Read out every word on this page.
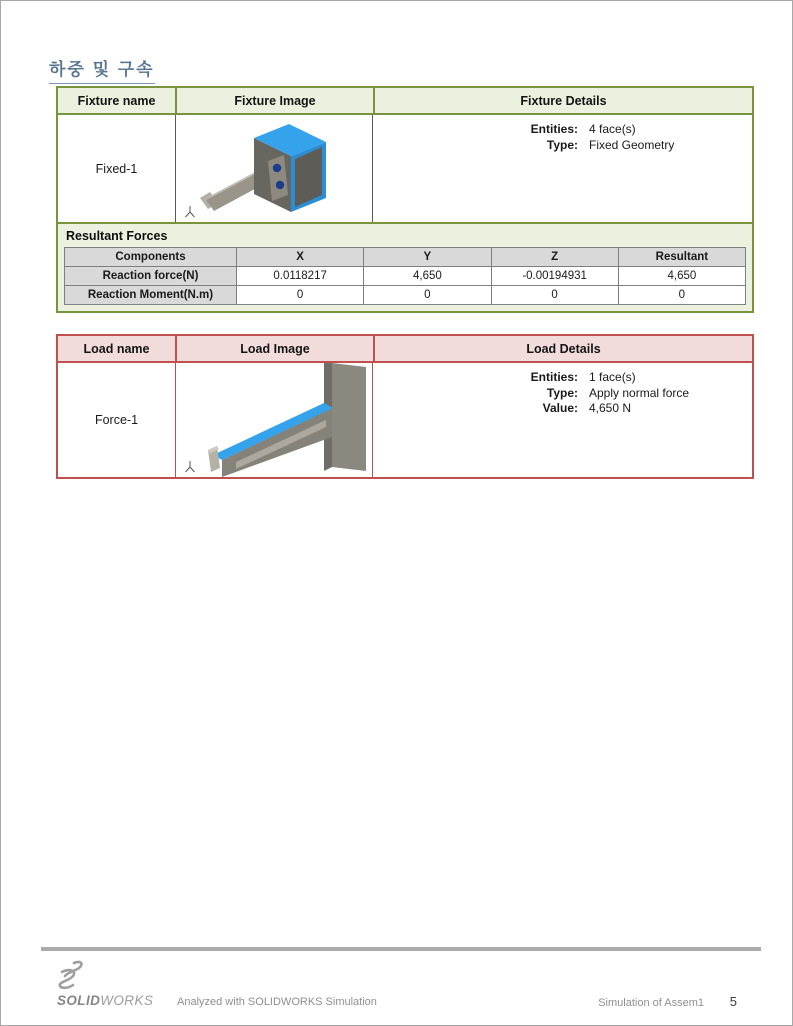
하중 및 구속
Fixture name	Fixture Image	Fixture Details
Fixed-1
Entities: 4 face(s)
Type: Fixed Geometry
Resultant Forces
Components	X	Y	Z	Resultant
Reaction force(N)	0.0118217	4,650	-0.00194931	4,650
Reaction Moment(N.m)	0	0	0	0
Load name	Load Image	Load Details
Force-1
Entities: 1 face(s)
Type: Apply normal force
Value: 4,650 N
SOLIDWORKS Analyzed with SOLIDWORKS Simulation	Simulation of Assem1 5
